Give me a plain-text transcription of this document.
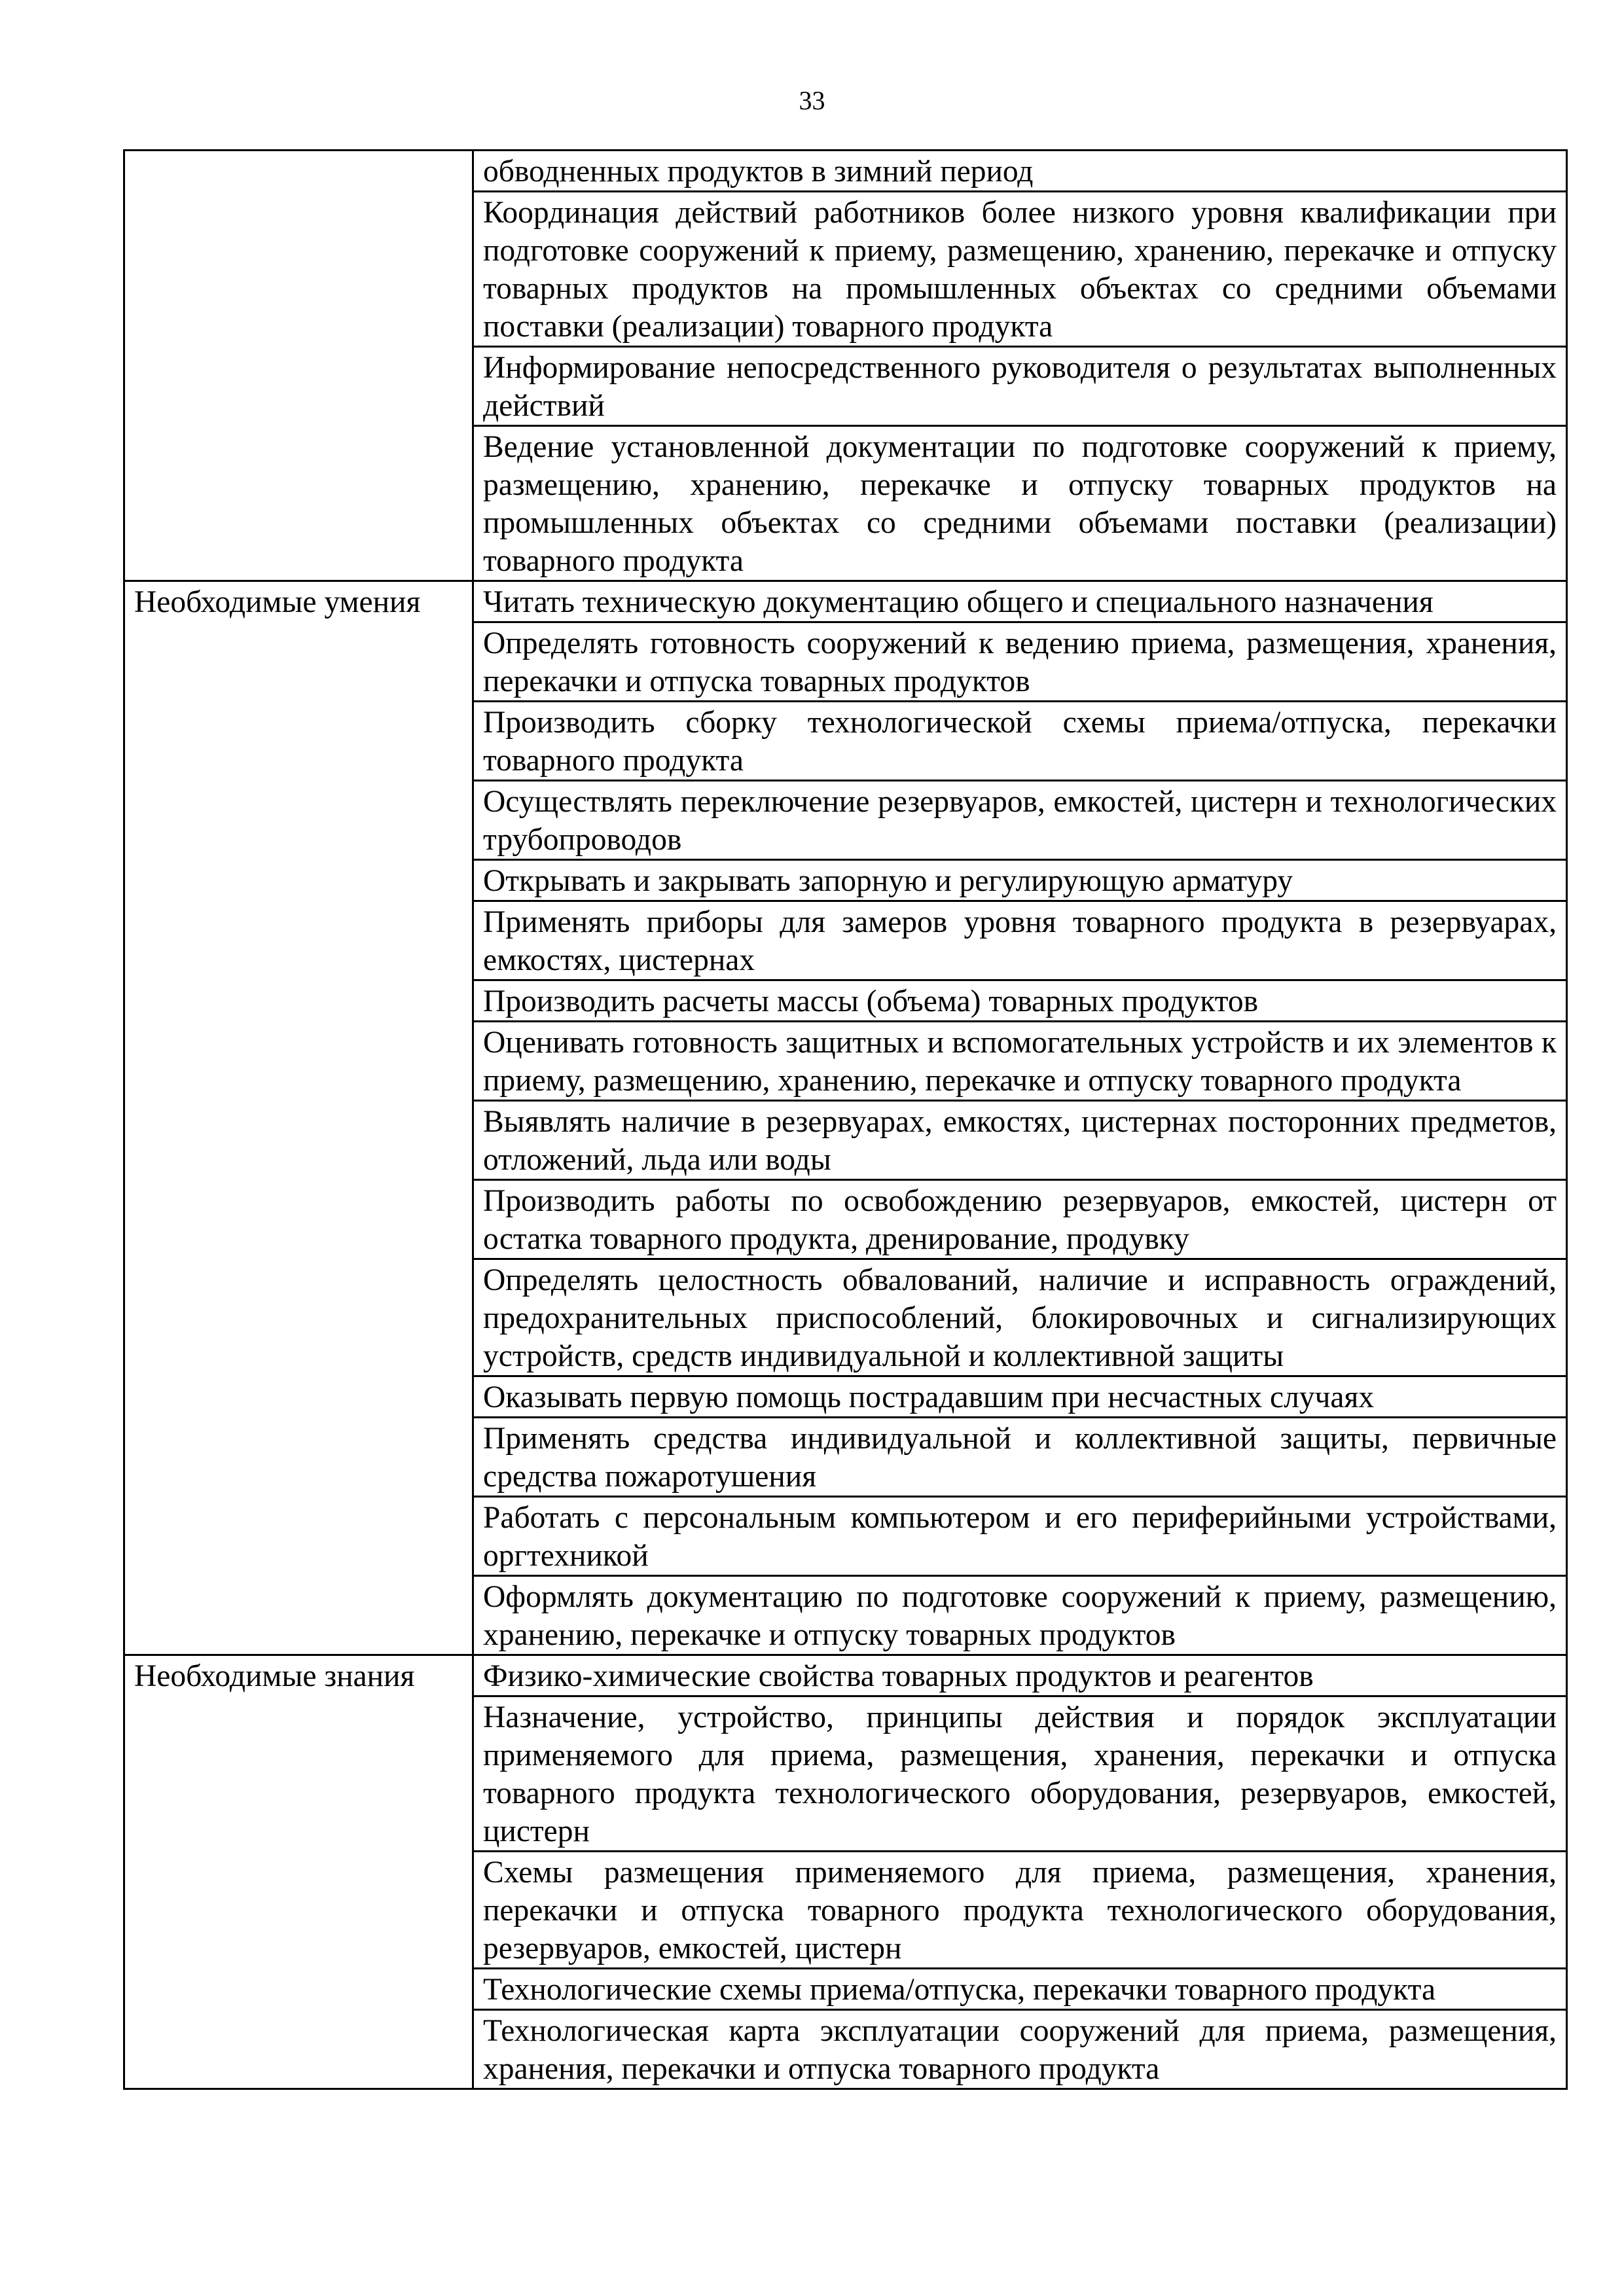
33
	обводненных продуктов в зимний период
	Координация действий работников более низкого уровня квалификации при подготовке сооружений к приему, размещению, хранению, перекачке и отпуску товарных продуктов на промышленных объектах со средними объемами поставки (реализации) товарного продукта
	Информирование непосредственного руководителя о результатах выполненных действий
	Ведение установленной документации по подготовке сооружений к приему, размещению, хранению, перекачке и отпуску товарных продуктов на промышленных объектах со средними объемами поставки (реализации) товарного продукта
Необходимые умения	Читать техническую документацию общего и специального назначения
	Определять готовность сооружений к ведению приема, размещения, хранения, перекачки и отпуска товарных продуктов
	Производить сборку технологической схемы приема/отпуска, перекачки товарного продукта
	Осуществлять переключение резервуаров, емкостей, цистерн и технологических трубопроводов
	Открывать и закрывать запорную и регулирующую арматуру
	Применять приборы для замеров уровня товарного продукта в резервуарах, емкостях, цистернах
	Производить расчеты массы (объема) товарных продуктов
	Оценивать готовность защитных и вспомогательных устройств и их элементов к приему, размещению, хранению, перекачке и отпуску товарного продукта
	Выявлять наличие в резервуарах, емкостях, цистернах посторонних предметов, отложений, льда или воды
	Производить работы по освобождению резервуаров, емкостей, цистерн от остатка товарного продукта, дренирование, продувку
	Определять целостность обвалований, наличие и исправность ограждений, предохранительных приспособлений, блокировочных и сигнализирующих устройств, средств индивидуальной и коллективной защиты
	Оказывать первую помощь пострадавшим при несчастных случаях
	Применять средства индивидуальной и коллективной защиты, первичные средства пожаротушения
	Работать с персональным компьютером и его периферийными устройствами, оргтехникой
	Оформлять документацию по подготовке сооружений к приему, размещению, хранению, перекачке и отпуску товарных продуктов
Необходимые знания	Физико-химические свойства товарных продуктов и реагентов
	Назначение, устройство, принципы действия и порядок эксплуатации применяемого для приема, размещения, хранения, перекачки и отпуска товарного продукта технологического оборудования, резервуаров, емкостей, цистерн
	Схемы размещения применяемого для приема, размещения, хранения, перекачки и отпуска товарного продукта технологического оборудования, резервуаров, емкостей, цистерн
	Технологические схемы приема/отпуска, перекачки товарного продукта
	Технологическая карта эксплуатации сооружений для приема, размещения, хранения, перекачки и отпуска товарного продукта
